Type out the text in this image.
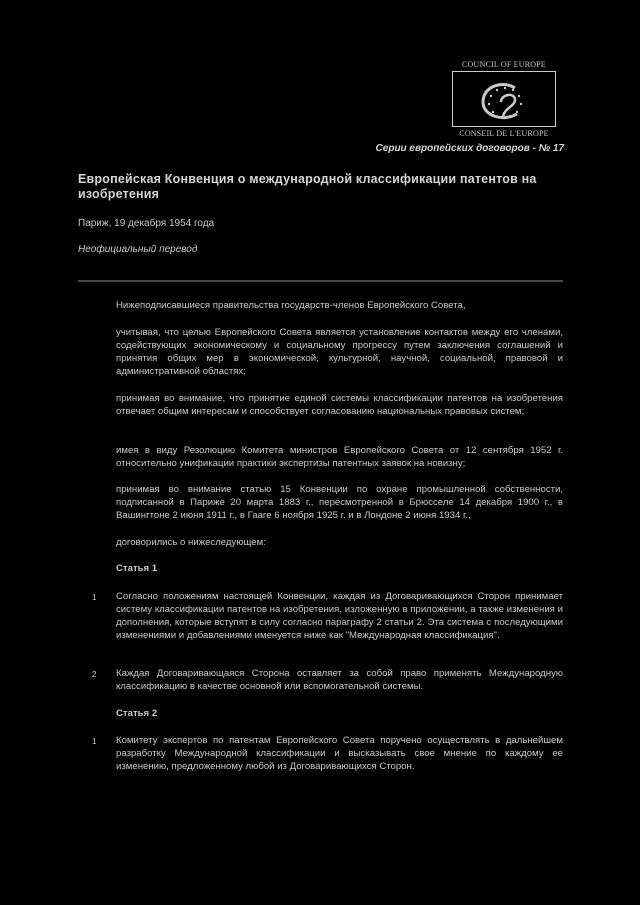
COUNCIL OF EUROPE
CONSEIL DE L'EUROPE
Серии европейских договоров - № 17
Европейская Конвенция о международной классификации патентов на изобретения
Париж, 19 декабря 1954 года
Неофициальный перевод
Нижеподписавшиеся правительства государств-членов Европейского Совета,
учитывая, что целью Европейского Совета является установление контактов между его членами, содействующих экономическому и социальному прогрессу путем заключения соглашений и принятия общих мер в экономической, культурной, научной, социальной, правовой и административной областях;
принимая во внимание, что принятие единой системы классификации патентов на изобретения отвечает общим интересам и способствует согласованию национальных правовых систем;
имея в виду Резолюцию Комитета министров Европейского Совета от 12 сентября 1952 г. относительно унификации практики экспертизы патентных заявок на новизну;
принимая во внимание статью 15 Конвенции по охране промышленной собственности, подписанной в Париже 20 марта 1883 г., пересмотренной в Брюсселе 14 декабря 1900 г., в Вашингтоне 2 июня 1911 г., в Гааге 6 ноября 1925 г. и в Лондоне 2 июня 1934 г.,
договорились о нижеследующем:
Статья 1
1 Согласно положениям настоящей Конвенции, каждая из Договаривающихся Сторон принимает систему классификации патентов на изобретения, изложенную в приложении, а также изменения и дополнения, которые вступят в силу согласно параграфу 2 статьи 2. Эта система с последующими изменениями и добавлениями именуется ниже как "Международная классификация".
2 Каждая Договаривающаяся Сторона оставляет за собой право применять Международную классификацию в качестве основной или вспомогательной системы.
Статья 2
1 Комитету экспертов по патентам Европейского Совета поручено осуществлять в дальнейшем разработку Международной классификации и высказывать свое мнение по каждому ее изменению, предложенному любой из Договаривающихся Сторон.
